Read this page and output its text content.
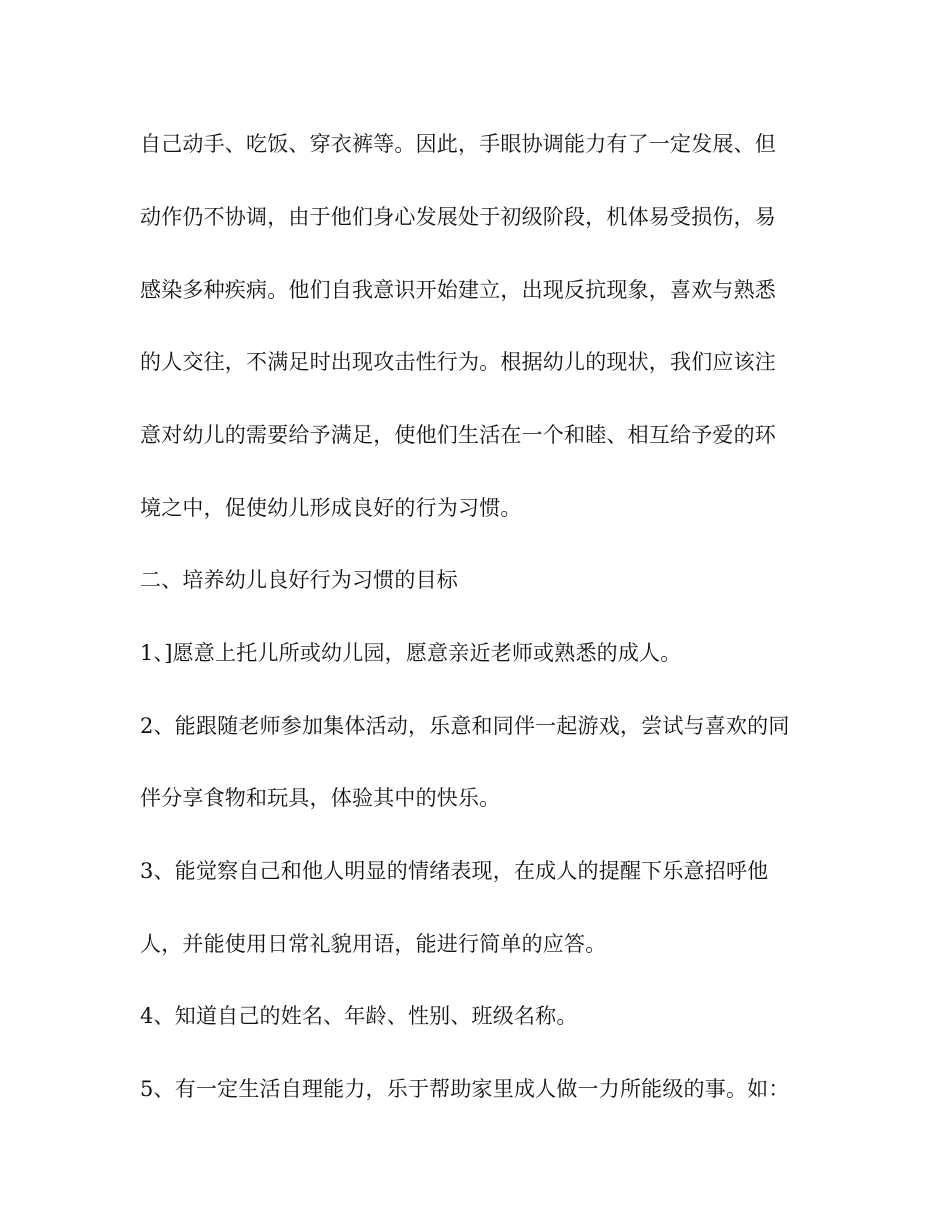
自己动手、吃饭、穿衣裤等。因此，手眼协调能力有了一定发展、但
动作仍不协调，由于他们身心发展处于初级阶段，机体易受损伤，易
感染多种疾病。他们自我意识开始建立，出现反抗现象，喜欢与熟悉
的人交往，不满足时出现攻击性行为。根据幼儿的现状，我们应该注
意对幼儿的需要给予满足，使他们生活在一个和睦、相互给予爱的环
境之中，促使幼儿形成良好的行为习惯。
二、培养幼儿良好行为习惯的目标
1、]愿意上托儿所或幼儿园，愿意亲近老师或熟悉的成人。
2、能跟随老师参加集体活动，乐意和同伴一起游戏，尝试与喜欢的同
伴分享食物和玩具，体验其中的快乐。
3、能觉察自己和他人明显的情绪表现，在成人的提醒下乐意招呼他
人，并能使用日常礼貌用语，能进行简单的应答。
4、知道自己的姓名、年龄、性别、班级名称。
5、有一定生活自理能力，乐于帮助家里成人做一力所能级的事。如：
